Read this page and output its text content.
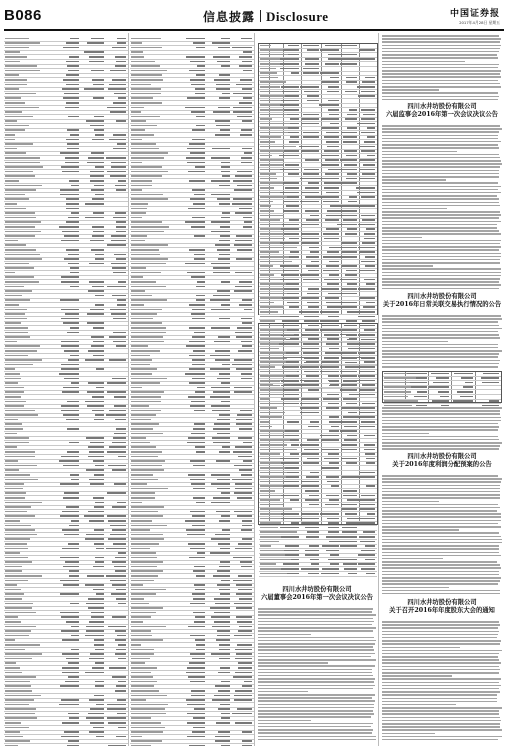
B086	信息披露 Disclosure	中国证券报
2017年4月28日 星期五
四川水井坊股份有限公司
六届董事会2016年第一次会议决议公告
四川水井坊股份有限公司
六届监事会2016年第一次会议决议公告
四川水井坊股份有限公司
关于2016年日常关联交易执行情况的公告
四川水井坊股份有限公司
关于2016年度利润分配预案的公告
四川水井坊股份有限公司
关于召开2016年年度股东大会的通知
